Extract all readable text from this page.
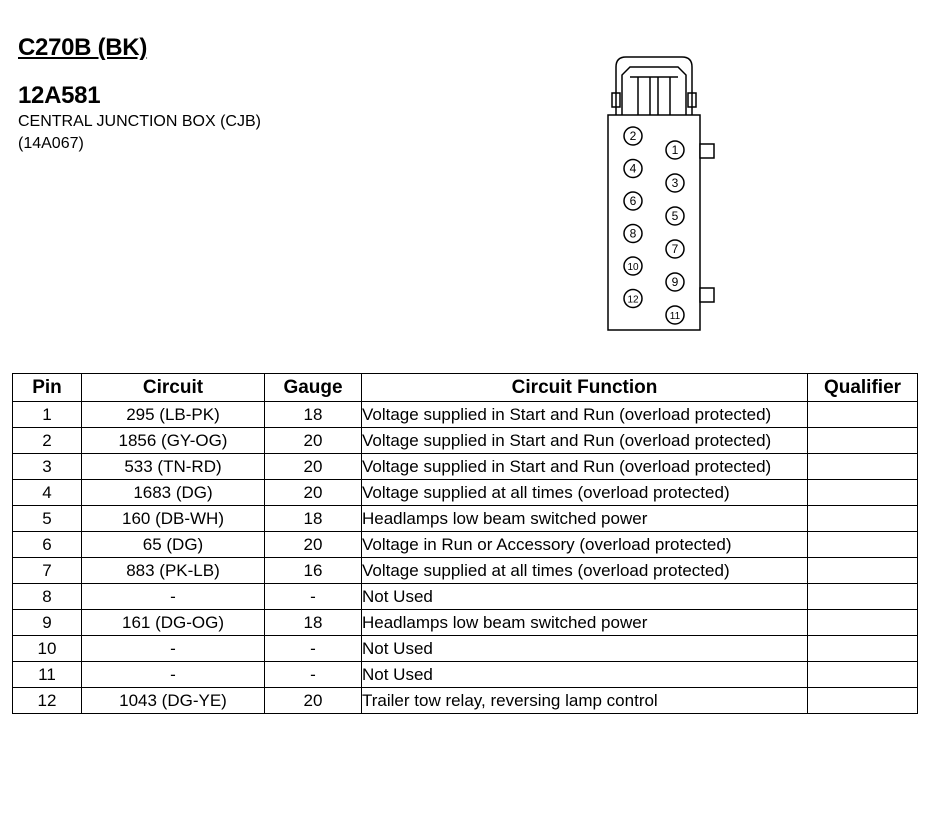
C270B (BK)
12A581
CENTRAL JUNCTION BOX (CJB)
(14A067)	2
4
6
8
10
12
1
3
5
7
9
11
Pin	Circuit	Gauge	Circuit Function	Qualifier
1	295 (LB-PK)	18	Voltage supplied in Start and Run (overload protected)	
2	1856 (GY-OG)	20	Voltage supplied in Start and Run (overload protected)	
3	533 (TN-RD)	20	Voltage supplied in Start and Run (overload protected)	
4	1683 (DG)	20	Voltage supplied at all times (overload protected)	
5	160 (DB-WH)	18	Headlamps low beam switched power	
6	65 (DG)	20	Voltage in Run or Accessory (overload protected)	
7	883 (PK-LB)	16	Voltage supplied at all times (overload protected)	
8	-	-	Not Used	
9	161 (DG-OG)	18	Headlamps low beam switched power	
10	-	-	Not Used	
11	-	-	Not Used	
12	1043 (DG-YE)	20	Trailer tow relay, reversing lamp control	
